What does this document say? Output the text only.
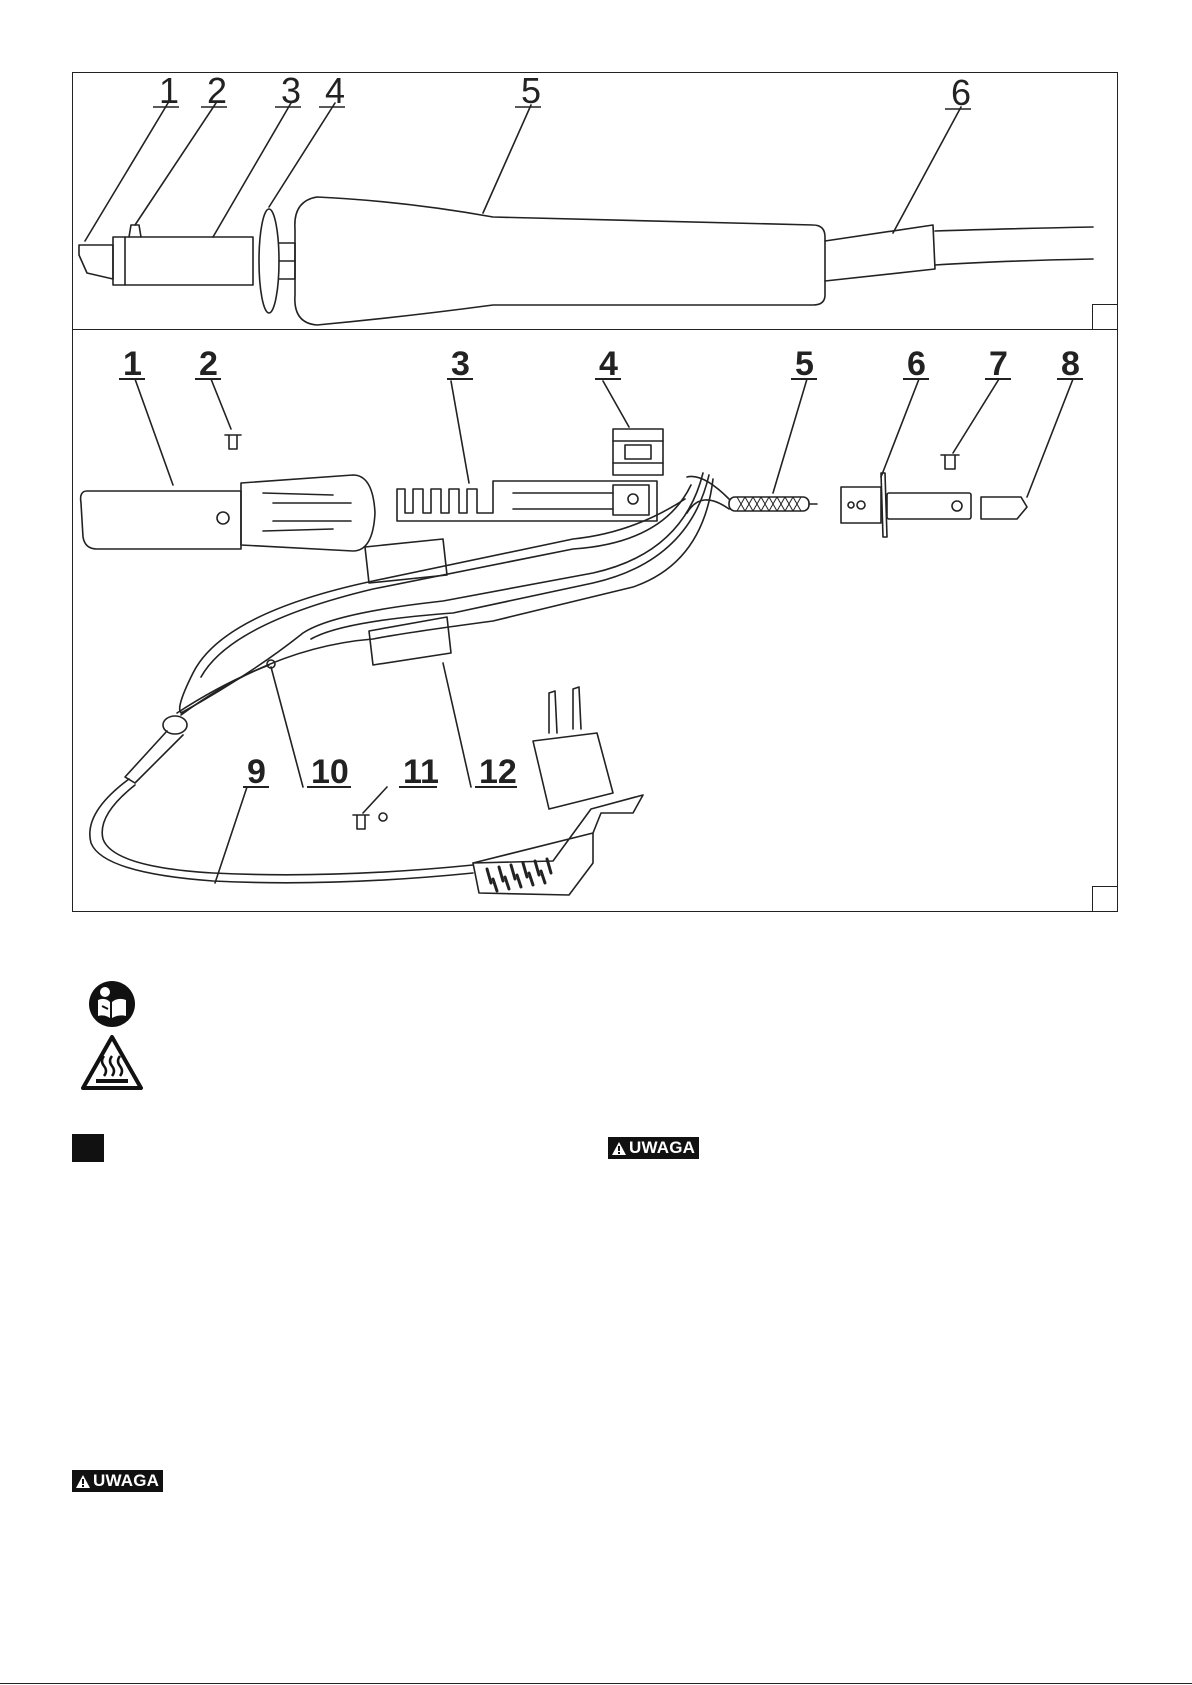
1 2 3 4	5	6
1 2	3	4	5	6 7 8
9 10 11 12
UWAGA
UWAGA
